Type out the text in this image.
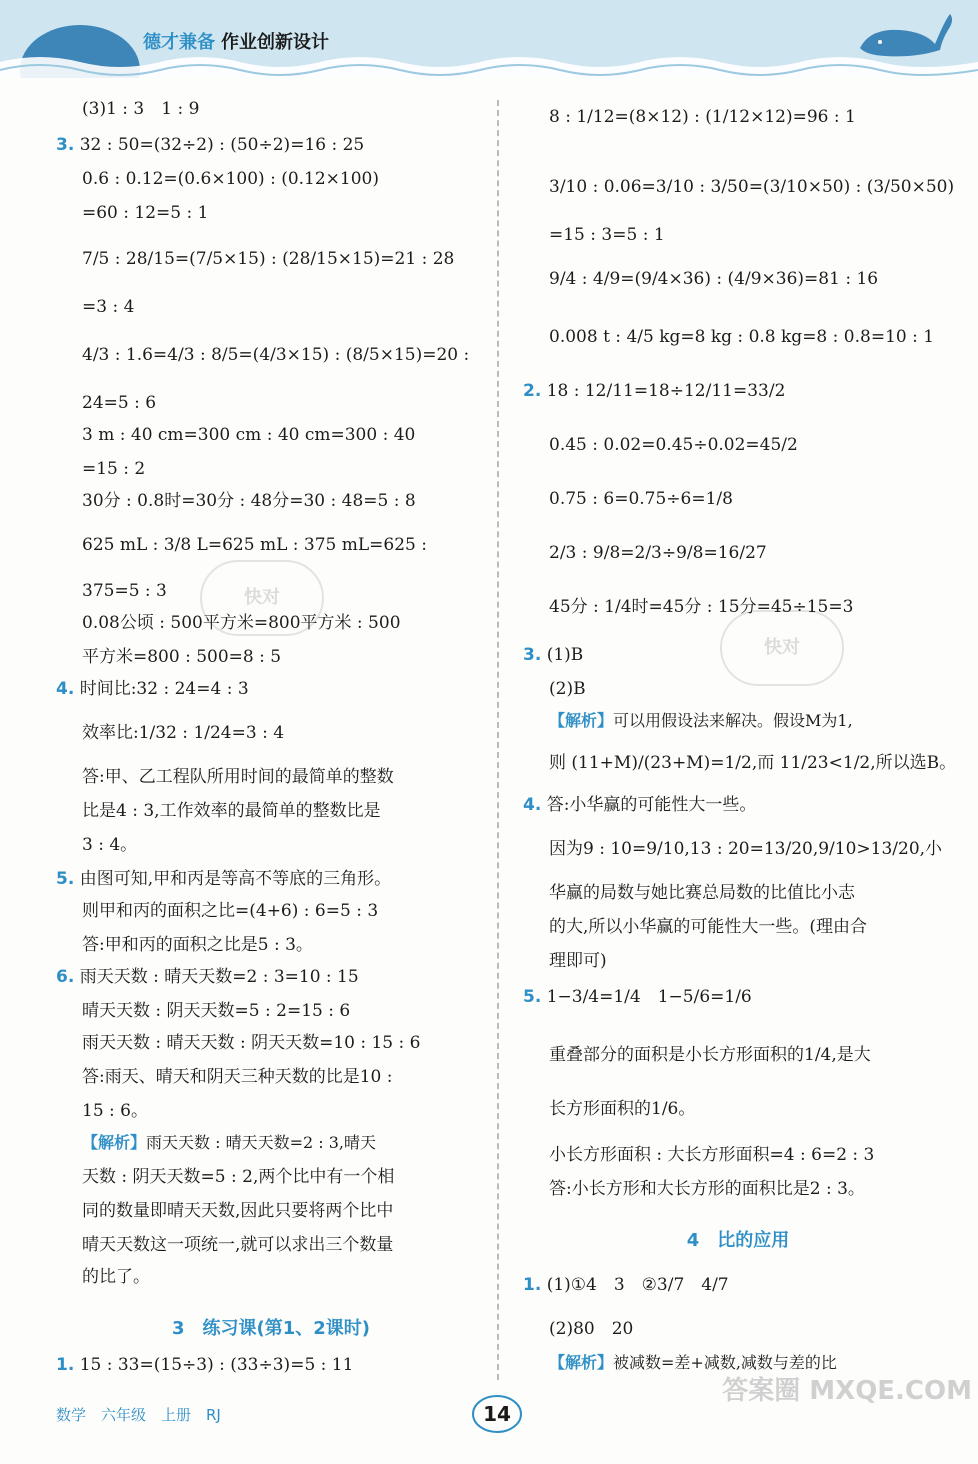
德才兼备 作业创新设计
快对
快对
(3)1 : 3　1 : 9
3. 32 : 50=(32÷2) : (50÷2)=16 : 25
0.6 : 0.12=(0.6×100) : (0.12×100)
=60 : 12=5 : 1
7/5 : 28/15=(7/5×15) : (28/15×15)=21 : 28
=3 : 4
4/3 : 1.6=4/3 : 8/5=(4/3×15) : (8/5×15)=20 :
24=5 : 6
3 m : 40 cm=300 cm : 40 cm=300 : 40
=15 : 2
30分 : 0.8时=30分 : 48分=30 : 48=5 : 8
625 mL : 3/8 L=625 mL : 375 mL=625 :
375=5 : 3
0.08公顷 : 500平方米=800平方米 : 500
平方米=800 : 500=8 : 5
4. 时间比:32 : 24=4 : 3
效率比:1/32 : 1/24=3 : 4
答:甲、乙工程队所用时间的最简单的整数
比是4 : 3,工作效率的最简单的整数比是
3 : 4。
5. 由图可知,甲和丙是等高不等底的三角形。
则甲和丙的面积之比=(4+6) : 6=5 : 3
答:甲和丙的面积之比是5 : 3。
6. 雨天天数 : 晴天天数=2 : 3=10 : 15
晴天天数 : 阴天天数=5 : 2=15 : 6
雨天天数 : 晴天天数 : 阴天天数=10 : 15 : 6
答:雨天、晴天和阴天三种天数的比是10 :
15 : 6。
【解析】雨天天数 : 晴天天数=2 : 3,晴天
天数 : 阴天天数=5 : 2,两个比中有一个相
同的数量即晴天天数,因此只要将两个比中
晴天天数这一项统一,就可以求出三个数量
的比了。
3　练习课(第1、2课时)
1. 15 : 33=(15÷3) : (33÷3)=5 : 11
8 : 1/12=(8×12) : (1/12×12)=96 : 1
3/10 : 0.06=3/10 : 3/50=(3/10×50) : (3/50×50)
=15 : 3=5 : 1
9/4 : 4/9=(9/4×36) : (4/9×36)=81 : 16
0.008 t : 4/5 kg=8 kg : 0.8 kg=8 : 0.8=10 : 1
2. 18 : 12/11=18÷12/11=33/2
0.45 : 0.02=0.45÷0.02=45/2
0.75 : 6=0.75÷6=1/8
2/3 : 9/8=2/3÷9/8=16/27
45分 : 1/4时=45分 : 15分=45÷15=3
3. (1)B
(2)B
【解析】可以用假设法来解决。假设M为1,
则 (11+M)/(23+M)=1/2,而 11/23<1/2,所以选B。
4. 答:小华赢的可能性大一些。
因为9 : 10=9/10,13 : 20=13/20,9/10>13/20,小
华赢的局数与她比赛总局数的比值比小志
的大,所以小华赢的可能性大一些。(理由合
理即可)
5. 1−3/4=1/4　1−5/6=1/6
重叠部分的面积是小长方形面积的1/4,是大
长方形面积的1/6。
小长方形面积 : 大长方形面积=4 : 6=2 : 3
答:小长方形和大长方形的面积比是2 : 3。
4　比的应用
1. (1)①4　3　②3/7　4/7
(2)80　20
【解析】被减数=差+减数,减数与差的比
数学　六年级　上册　RJ	14
答案圈 MXQE.COM
